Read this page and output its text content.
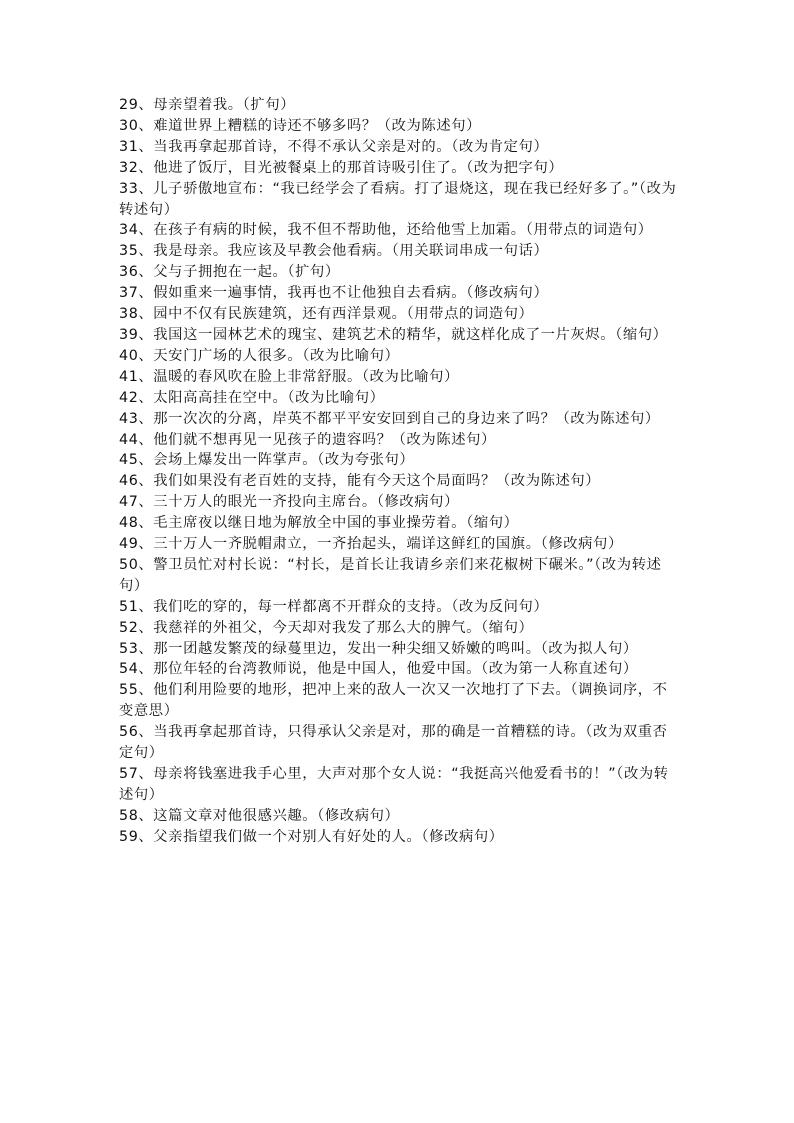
29、母亲望着我。（扩句）

30、难道世界上糟糕的诗还不够多吗？（改为陈述句）

31、当我再拿起那首诗，不得不承认父亲是对的。（改为肯定句）

32、他进了饭厅，目光被餐桌上的那首诗吸引住了。（改为把字句）

33、儿子骄傲地宣布：“我已经学会了看病。打了退烧这，现在我已经好多了。”（改为转述句）

34、在孩子有病的时候，我不但不帮助他，还给他雪上加霜。（用带点的词造句）

35、我是母亲。我应该及早教会他看病。（用关联词串成一句话）

36、父与子拥抱在一起。（扩句）

37、假如重来一遍事情，我再也不让他独自去看病。（修改病句）

38、园中不仅有民族建筑，还有西洋景观。（用带点的词造句）

39、我国这一园林艺术的瑰宝、建筑艺术的精华，就这样化成了一片灰烬。（缩句）

40、天安门广场的人很多。（改为比喻句）

41、温暖的春风吹在脸上非常舒服。（改为比喻句）

42、太阳高高挂在空中。（改为比喻句）

43、那一次次的分离，岸英不都平平安安回到自己的身边来了吗？（改为陈述句）

44、他们就不想再见一见孩子的遗容吗？（改为陈述句）

45、会场上爆发出一阵掌声。（改为夸张句）

46、我们如果没有老百姓的支持，能有今天这个局面吗？（改为陈述句）

47、三十万人的眼光一齐投向主席台。（修改病句）

48、毛主席夜以继日地为解放全中国的事业操劳着。（缩句）

49、三十万人一齐脱帽肃立，一齐抬起头，端详这鲜红的国旗。（修改病句）

50、警卫员忙对村长说：“村长，是首长让我请乡亲们来花椒树下碾米。”（改为转述句）

51、我们吃的穿的，每一样都离不开群众的支持。（改为反问句）

52、我慈祥的外祖父，今天却对我发了那么大的脾气。（缩句）

53、那一团越发繁茂的绿蔓里边，发出一种尖细又娇嫩的鸣叫。（改为拟人句）

54、那位年轻的台湾教师说，他是中国人，他爱中国。（改为第一人称直述句）

55、他们利用险要的地形，把冲上来的敌人一次又一次地打了下去。（调换词序，不变意思）

56、当我再拿起那首诗，只得承认父亲是对，那的确是一首糟糕的诗。（改为双重否定句）

57、母亲将钱塞进我手心里，大声对那个女人说：“我挺高兴他爱看书的！”（改为转述句）

58、这篇文章对他很感兴趣。（修改病句）

59、父亲指望我们做一个对别人有好处的人。（修改病句）
